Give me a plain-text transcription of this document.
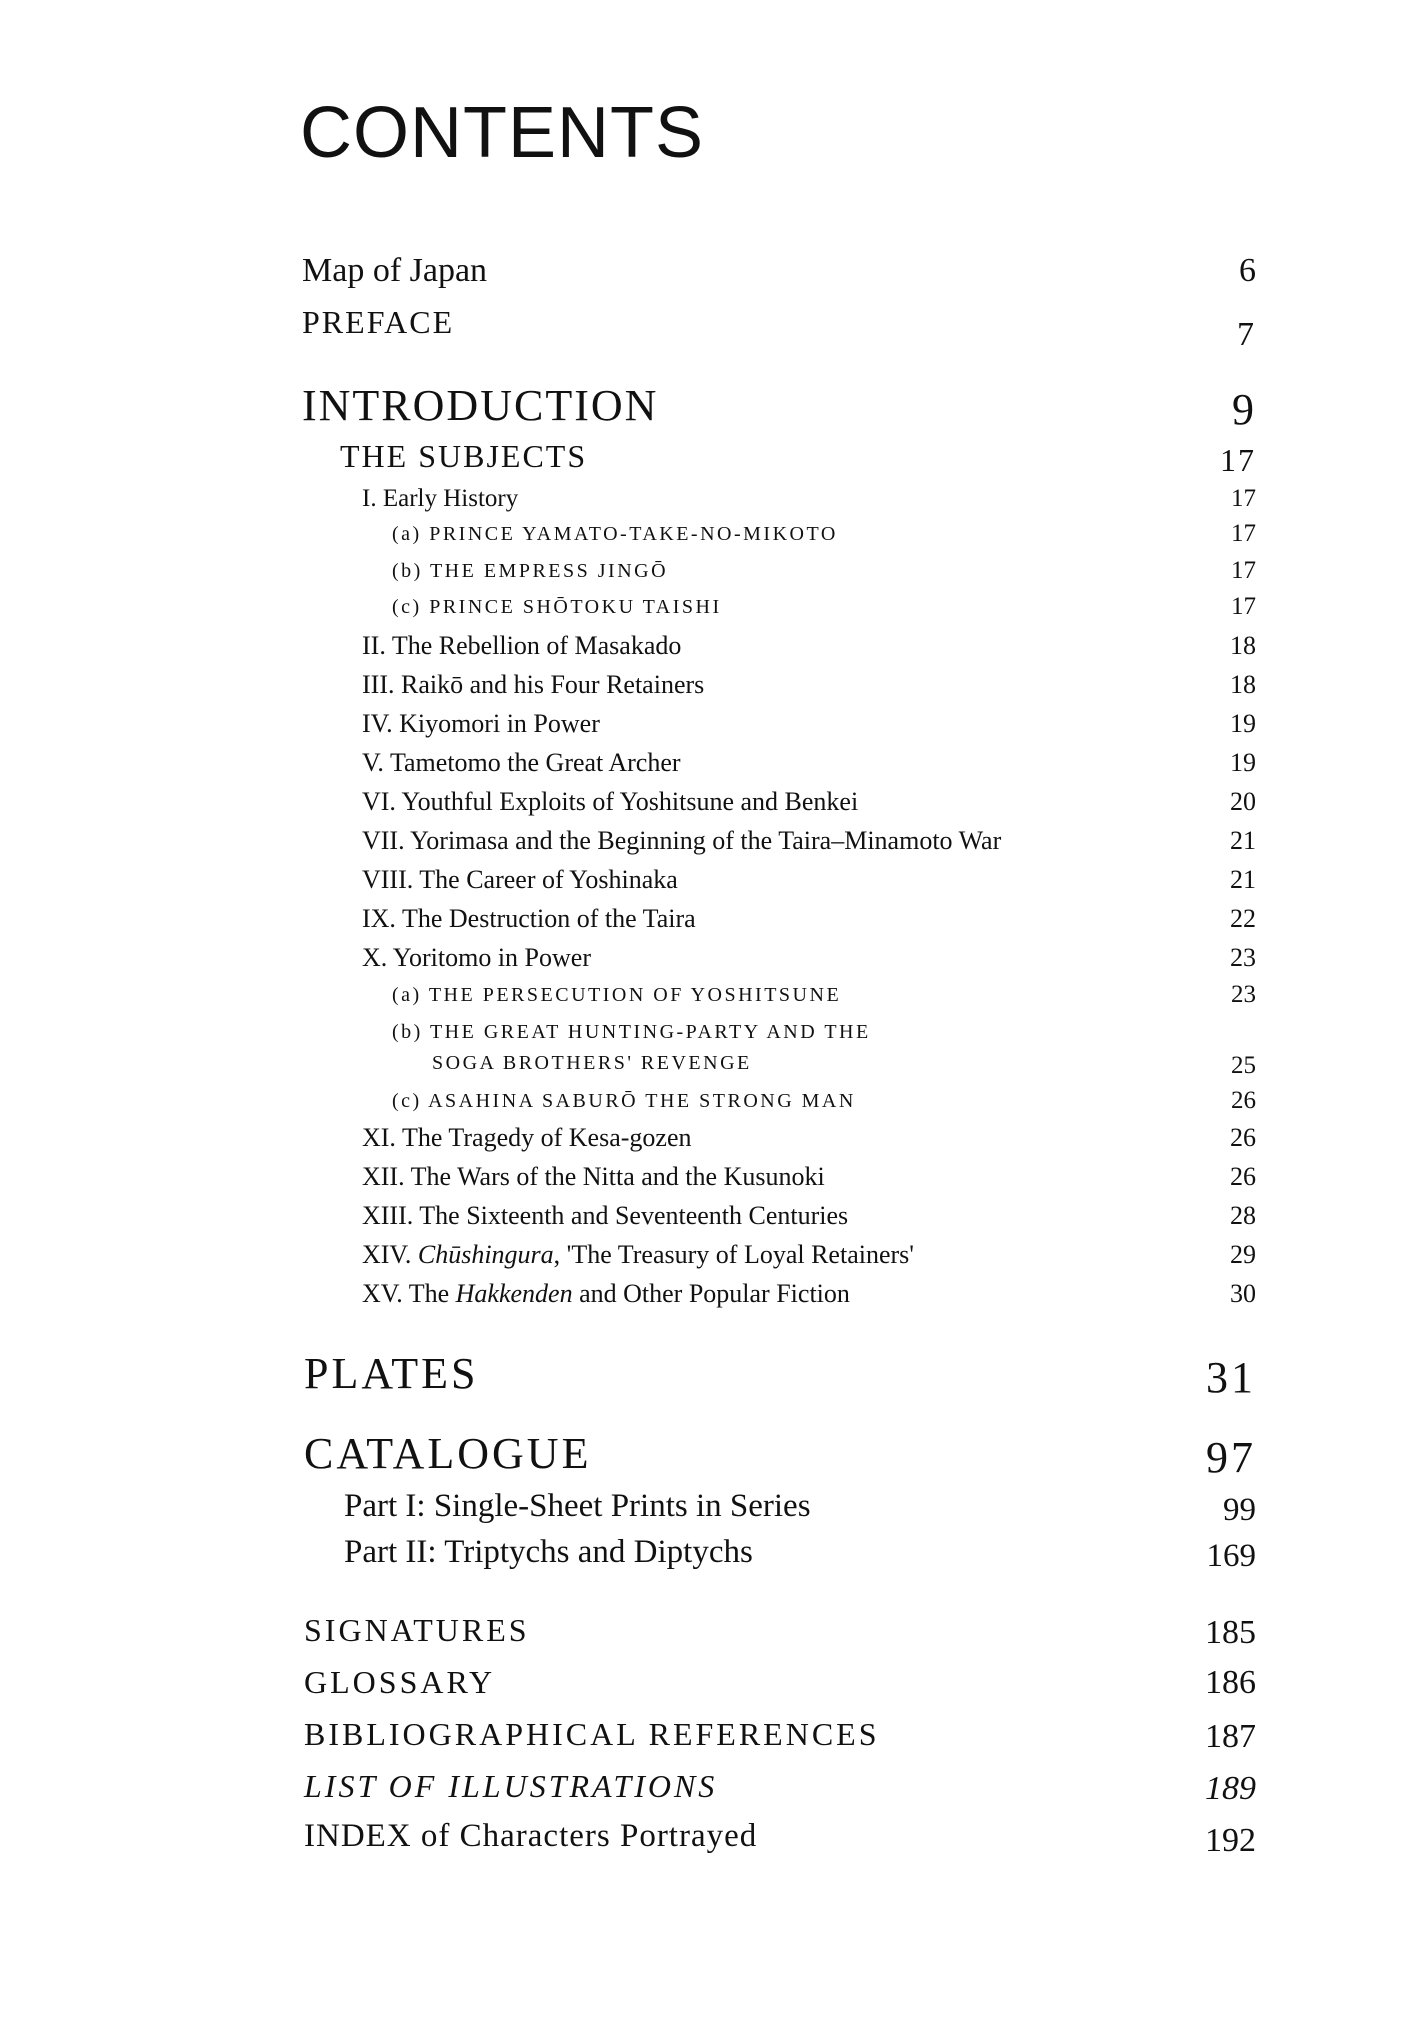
CONTENTS
Map of Japan	6
PREFACE	7
INTRODUCTION	9
THE SUBJECTS	17
I. Early History	17
(a) PRINCE YAMATO-TAKE-NO-MIKOTO	17
(b) THE EMPRESS JINGŌ	17
(c) PRINCE SHŌTOKU TAISHI	17
II. The Rebellion of Masakado	18
III. Raikō and his Four Retainers	18
IV. Kiyomori in Power	19
V. Tametomo the Great Archer	19
VI. Youthful Exploits of Yoshitsune and Benkei	20
VII. Yorimasa and the Beginning of the Taira–Minamoto War	21
VIII. The Career of Yoshinaka	21
IX. The Destruction of the Taira	22
X. Yoritomo in Power	23
(a) THE PERSECUTION OF YOSHITSUNE	23
(b) THE GREAT HUNTING-PARTY AND THE
SOGA BROTHERS' REVENGE	25
(c) ASAHINA SABURŌ THE STRONG MAN	26
XI. The Tragedy of Kesa-gozen	26
XII. The Wars of the Nitta and the Kusunoki	26
XIII. The Sixteenth and Seventeenth Centuries	28
XIV. Chūshingura, 'The Treasury of Loyal Retainers'	29
XV. The Hakkenden and Other Popular Fiction	30
PLATES	31
CATALOGUE	97
Part I: Single-Sheet Prints in Series	99
Part II: Triptychs and Diptychs	169
SIGNATURES	185
GLOSSARY	186
BIBLIOGRAPHICAL REFERENCES	187
LIST OF ILLUSTRATIONS	189
INDEX of Characters Portrayed	192
